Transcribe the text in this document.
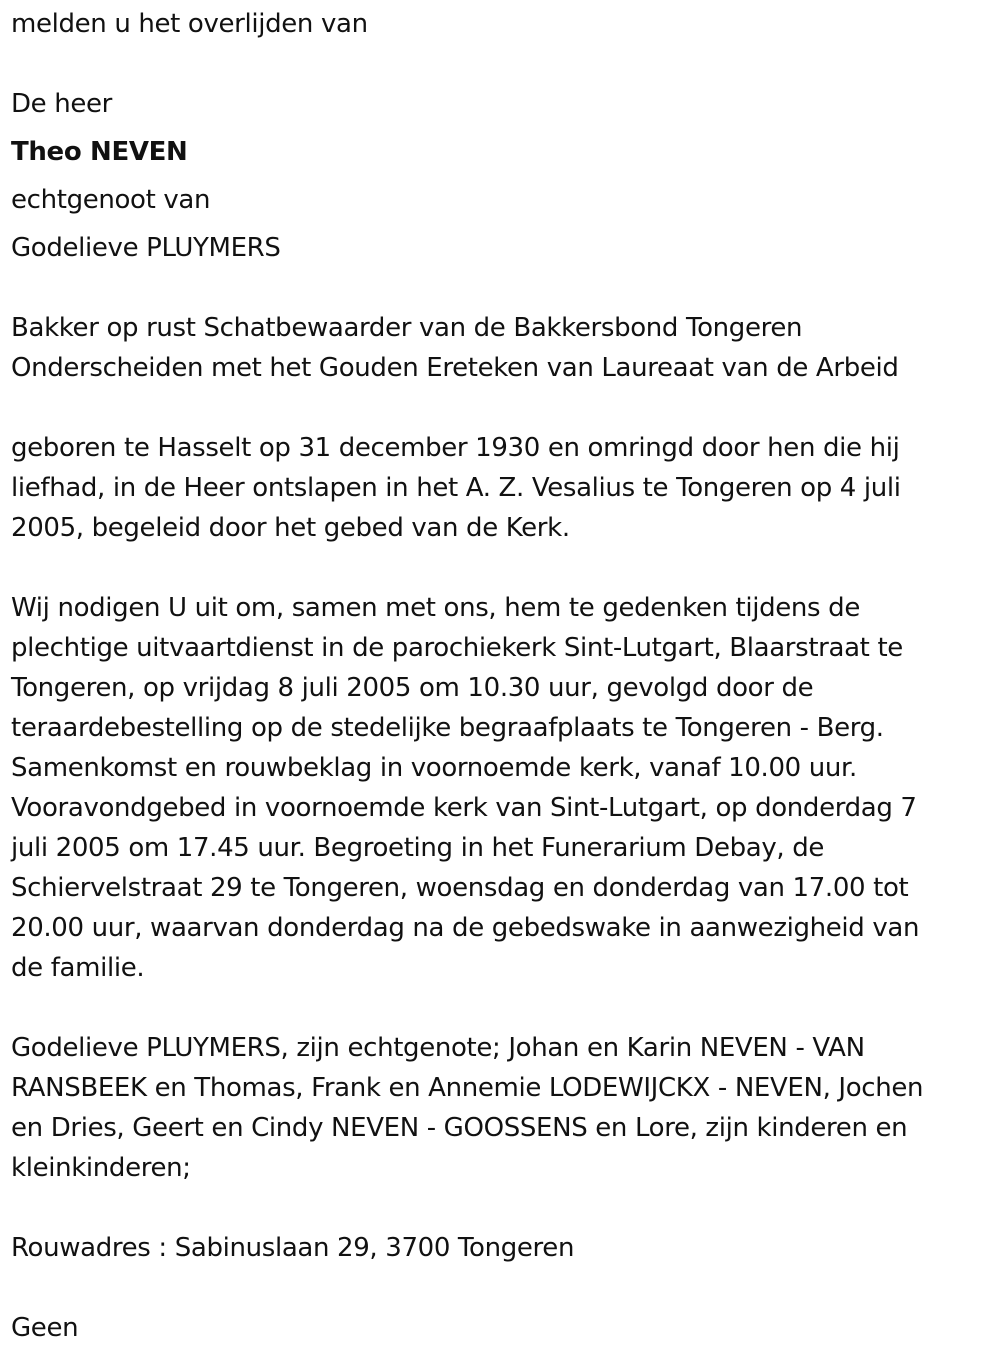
melden u het overlijden van
De heer
Theo NEVEN
echtgenoot van
Godelieve PLUYMERS
Bakker op rust Schatbewaarder van de Bakkersbond Tongeren
Onderscheiden met het Gouden Ereteken van Laureaat van de Arbeid
geboren te Hasselt op 31 december 1930 en omringd door hen die hij
liefhad, in de Heer ontslapen in het A. Z. Vesalius te Tongeren op 4 juli
2005, begeleid door het gebed van de Kerk.
Wij nodigen U uit om, samen met ons, hem te gedenken tijdens de
plechtige uitvaartdienst in de parochiekerk Sint-Lutgart, Blaarstraat te
Tongeren, op vrijdag 8 juli 2005 om 10.30 uur, gevolgd door de
teraardebestelling op de stedelijke begraafplaats te Tongeren - Berg.
Samenkomst en rouwbeklag in voornoemde kerk, vanaf 10.00 uur.
Vooravondgebed in voornoemde kerk van Sint-Lutgart, op donderdag 7
juli 2005 om 17.45 uur. Begroeting in het Funerarium Debay, de
Schiervelstraat 29 te Tongeren, woensdag en donderdag van 17.00 tot
20.00 uur, waarvan donderdag na de gebedswake in aanwezigheid van
de familie.
Godelieve PLUYMERS, zijn echtgenote; Johan en Karin NEVEN - VAN
RANSBEEK en Thomas, Frank en Annemie LODEWIJCKX - NEVEN, Jochen
en Dries, Geert en Cindy NEVEN - GOOSSENS en Lore, zijn kinderen en
kleinkinderen;
Rouwadres : Sabinuslaan 29, 3700 Tongeren
Geen
